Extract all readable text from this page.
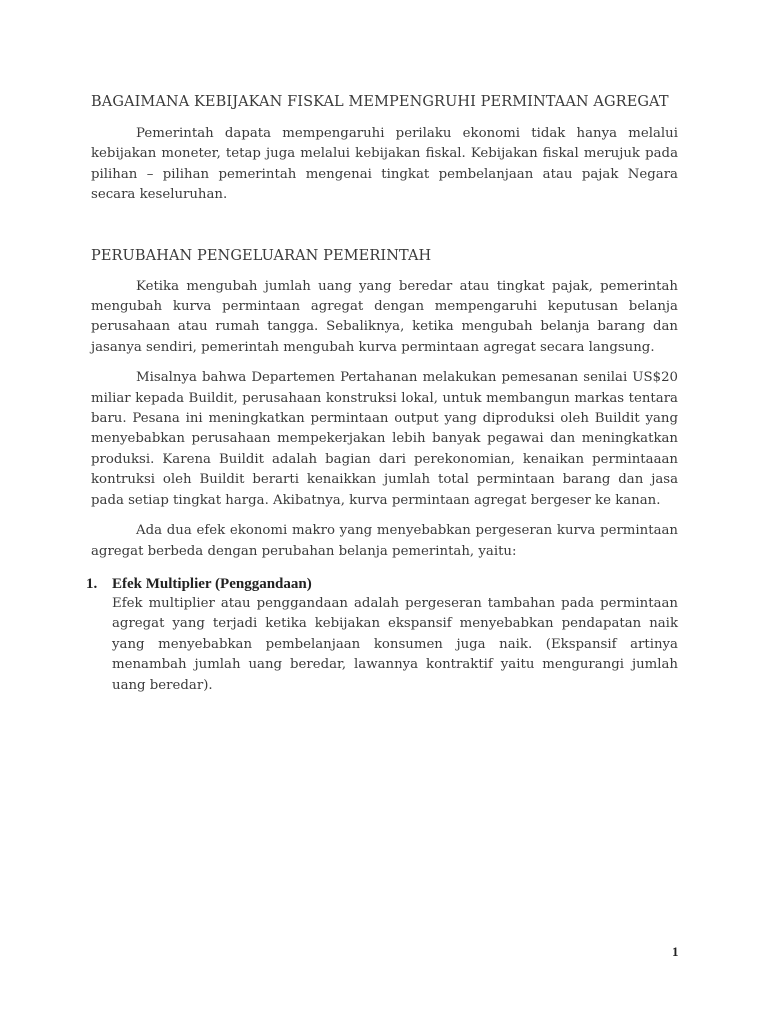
BAGAIMANA KEBIJAKAN FISKAL MEMPENGRUHI PERMINTAAN AGREGAT

Pemerintah dapata mempengaruhi perilaku ekonomi tidak hanya melalui kebijakan moneter, tetap juga melalui kebijakan fiskal. Kebijakan fiskal merujuk pada pilihan – pilihan pemerintah mengenai tingkat pembelanjaan atau pajak Negara secara keseluruhan.

PERUBAHAN PENGELUARAN PEMERINTAH

Ketika mengubah jumlah uang yang beredar atau tingkat pajak, pemerintah mengubah kurva permintaan agregat dengan mempengaruhi keputusan belanja perusahaan atau rumah tangga. Sebaliknya, ketika mengubah belanja barang dan jasanya sendiri, pemerintah mengubah kurva permintaan agregat secara langsung.

Misalnya bahwa Departemen Pertahanan melakukan pemesanan senilai US$20 miliar kepada Buildit, perusahaan konstruksi lokal, untuk membangun markas tentara baru. Pesana ini meningkatkan permintaan output yang diproduksi oleh Buildit yang menyebabkan perusahaan mempekerjakan lebih banyak pegawai dan meningkatkan produksi. Karena Buildit adalah bagian dari perekonomian, kenaikan permintaaan kontruksi oleh Buildit berarti kenaikkan jumlah total permintaan barang dan jasa pada setiap tingkat harga. Akibatnya, kurva permintaan agregat bergeser ke kanan.

Ada dua efek ekonomi makro yang menyebabkan pergeseran kurva permintaan agregat berbeda dengan perubahan belanja pemerintah, yaitu:

1. Efek Multiplier (Penggandaan)

Efek multiplier atau penggandaan adalah pergeseran tambahan pada permintaan agregat yang terjadi ketika kebijakan ekspansif menyebabkan pendapatan naik yang menyebabkan pembelanjaan konsumen juga naik. (Ekspansif artinya menambah jumlah uang beredar, lawannya kontraktif yaitu mengurangi jumlah uang beredar).

1
